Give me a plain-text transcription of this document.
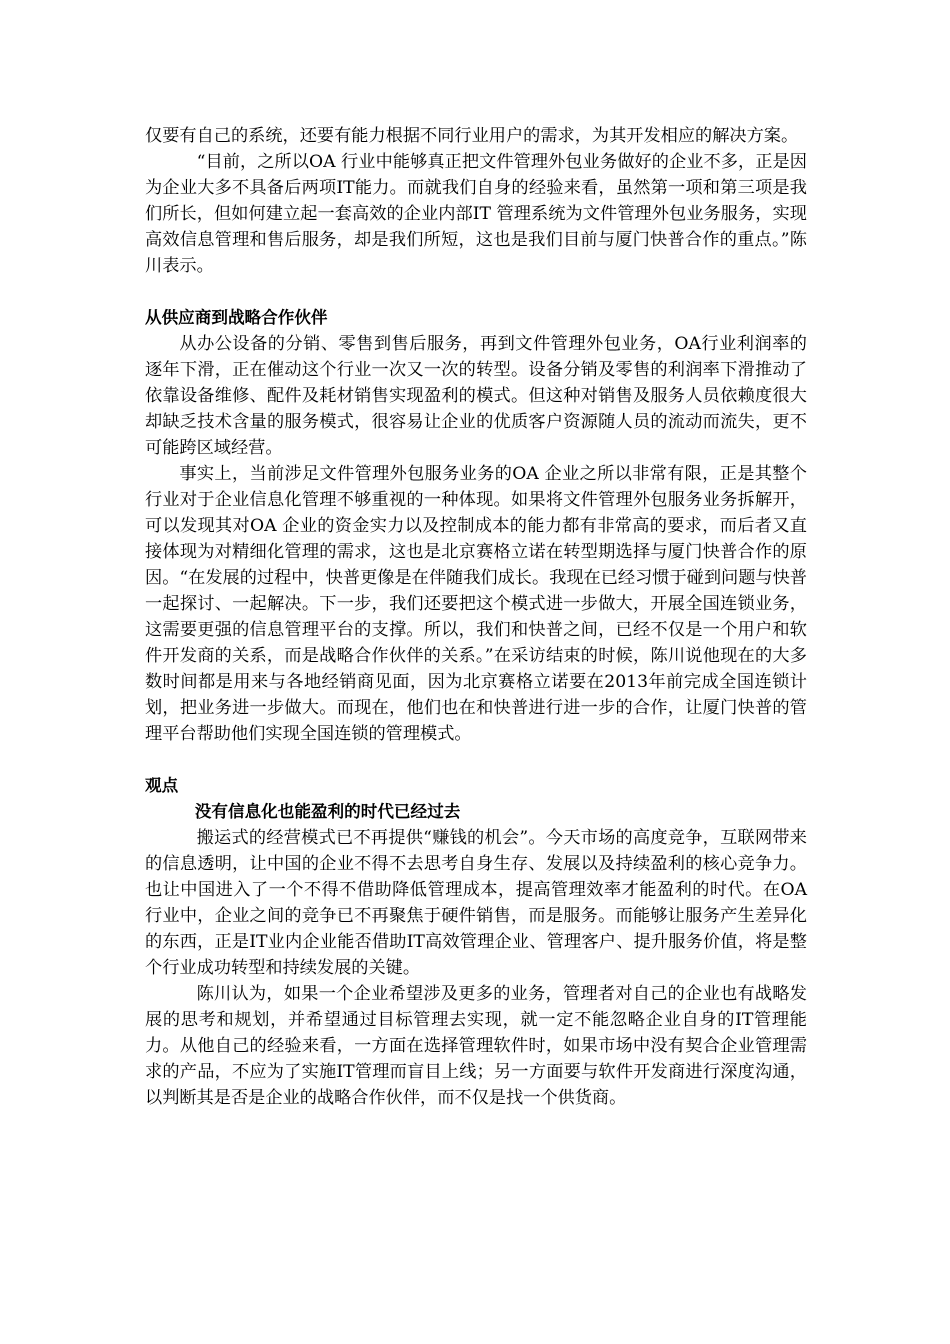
仅要有自己的系统，还要有能力根据不同行业用户的需求，为其开发相应的解决方案。

“目前，之所以OA 行业中能够真正把文件管理外包业务做好的企业不多，正是因为企业大多不具备后两项IT能力。而就我们自身的经验来看，虽然第一项和第三项是我们所长，但如何建立起一套高效的企业内部IT 管理系统为文件管理外包业务服务，实现高效信息管理和售后服务，却是我们所短，这也是我们目前与厦门快普合作的重点。”陈川表示。

从供应商到战略合作伙伴

从办公设备的分销、零售到售后服务，再到文件管理外包业务，OA行业利润率的逐年下滑，正在催动这个行业一次又一次的转型。设备分销及零售的利润率下滑推动了依靠设备维修、配件及耗材销售实现盈利的模式。但这种对销售及服务人员依赖度很大却缺乏技术含量的服务模式，很容易让企业的优质客户资源随人员的流动而流失，更不可能跨区域经营。

事实上，当前涉足文件管理外包服务业务的OA 企业之所以非常有限，正是其整个行业对于企业信息化管理不够重视的一种体现。如果将文件管理外包服务业务拆解开，可以发现其对OA 企业的资金实力以及控制成本的能力都有非常高的要求，而后者又直接体现为对精细化管理的需求，这也是北京赛格立诺在转型期选择与厦门快普合作的原因。“在发展的过程中，快普更像是在伴随我们成长。我现在已经习惯于碰到问题与快普一起探讨、一起解决。下一步，我们还要把这个模式进一步做大，开展全国连锁业务，这需要更强的信息管理平台的支撑。所以，我们和快普之间，已经不仅是一个用户和软件开发商的关系，而是战略合作伙伴的关系。”在采访结束的时候，陈川说他现在的大多数时间都是用来与各地经销商见面，因为北京赛格立诺要在2013年前完成全国连锁计划，把业务进一步做大。而现在，他们也在和快普进行进一步的合作，让厦门快普的管理平台帮助他们实现全国连锁的管理模式。

观点

没有信息化也能盈利的时代已经过去

搬运式的经营模式已不再提供“赚钱的机会”。今天市场的高度竞争，互联网带来的信息透明，让中国的企业不得不去思考自身生存、发展以及持续盈利的核心竞争力。也让中国进入了一个不得不借助降低管理成本，提高管理效率才能盈利的时代。在OA行业中，企业之间的竞争已不再聚焦于硬件销售，而是服务。而能够让服务产生差异化的东西，正是IT业内企业能否借助IT高效管理企业、管理客户、提升服务价值，将是整个行业成功转型和持续发展的关键。

陈川认为，如果一个企业希望涉及更多的业务，管理者对自己的企业也有战略发展的思考和规划，并希望通过目标管理去实现，就一定不能忽略企业自身的IT管理能力。从他自己的经验来看，一方面在选择管理软件时，如果市场中没有契合企业管理需求的产品，不应为了实施IT管理而盲目上线；另一方面要与软件开发商进行深度沟通，以判断其是否是企业的战略合作伙伴，而不仅是找一个供货商。
